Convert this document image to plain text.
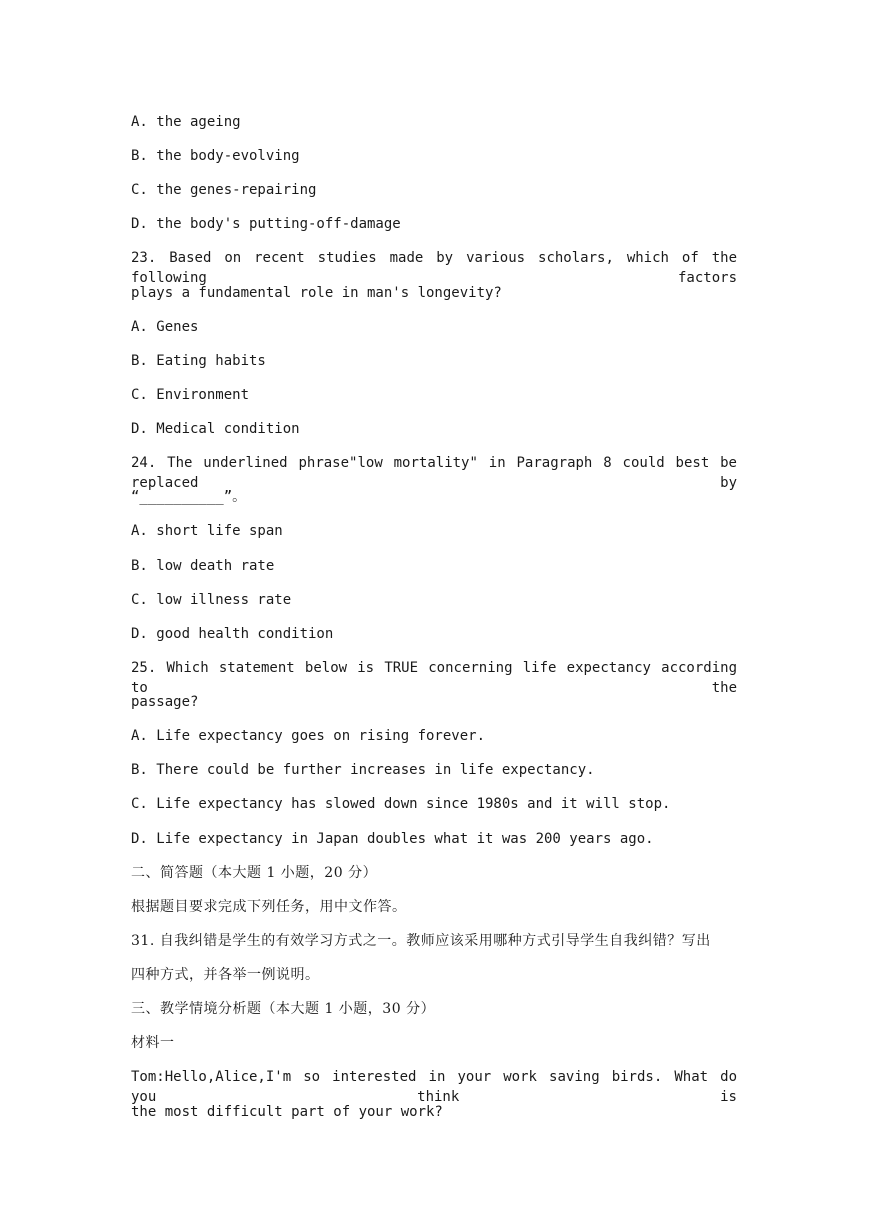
A. the ageing
B. the body-evolving
C. the genes-repairing
D. the body's putting-off-damage
23. Based on recent studies made by various scholars, which of the following factors
plays a fundamental role in man's longevity?
A. Genes
B. Eating habits
C. Environment
D. Medical condition
24. The underlined phrase"low mortality" in Paragraph 8 could best be replaced by
“__________”。
A. short life span
B. low death rate
C. low illness rate
D. good health condition
25. Which statement below is TRUE concerning life expectancy according to the
passage?
A. Life expectancy goes on rising forever.
B. There could be further increases in life expectancy.
C. Life expectancy has slowed down since 1980s and it will stop.
D. Life expectancy in Japan doubles what it was 200 years ago.
二、简答题（本大题 1 小题，20 分）
根据题目要求完成下列任务，用中文作答。
31. 自我纠错是学生的有效学习方式之一。教师应该采用哪种方式引导学生自我纠错？写出
四种方式，并各举一例说明。
三、教学情境分析题（本大题 1 小题，30 分）
材料一
Tom:Hello,Alice,I'm so interested in your work saving birds. What do you think is
the most difficult part of your work?
